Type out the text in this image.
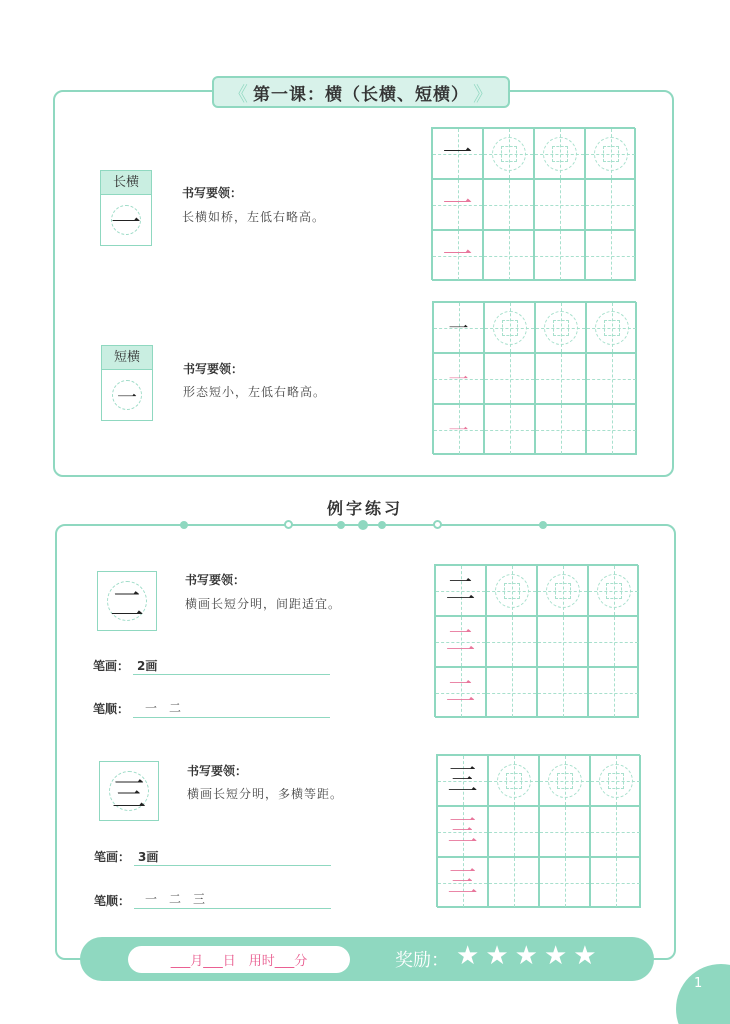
《 第一课：横（长横、短横） 》
长横
一
书写要领：
长横如桥，左低右略高。
一
一
一
短横
一
书写要领：
形态短小，左低右略高。
一
一
一
例字练习
二
书写要领：
横画长短分明，间距适宜。
笔画： 2画
笔顺： 一　二
二
二
二
三
书写要领：
横画长短分明，多横等距。
笔画： 3画
笔顺： 一　二　三
三
三
三
___月___日　用时___分	奖励： ★ ★ ★ ★ ★
1
